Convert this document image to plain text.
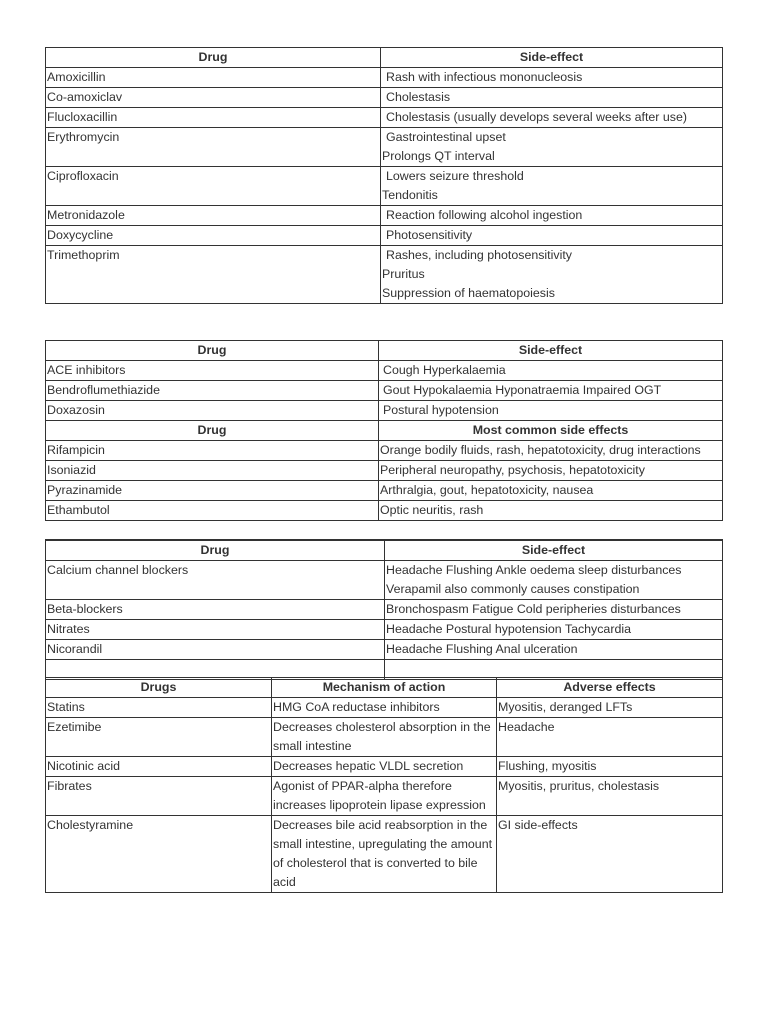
Drug	Side-effect
Amoxicillin	Rash with infectious mononucleosis

Co-amoxiclav	Cholestasis

Flucloxacillin	Cholestasis (usually develops several weeks after use)

Erythromycin	Gastrointestinal upset
Prolongs QT interval

Ciprofloxacin	Lowers seizure threshold
Tendonitis

Metronidazole	Reaction following alcohol ingestion

Doxycycline	Photosensitivity

Trimethoprim	Rashes, including photosensitivity
Pruritus
Suppression of haematopoiesis
Drug	Side-effect
ACE inhibitors	Cough Hyperkalaemia
Bendroflumethiazide	Gout Hypokalaemia Hyponatraemia Impaired OGT
Doxazosin	Postural hypotension
Drug	Most common side effects
Rifampicin	Orange bodily fluids, rash, hepatotoxicity, drug interactions
Isoniazid	Peripheral neuropathy, psychosis, hepatotoxicity
Pyrazinamide	Arthralgia, gout, hepatotoxicity, nausea
Ethambutol	Optic neuritis, rash
Drug	Side-effect
Calcium channel blockers	Headache Flushing Ankle oedema sleep disturbances Verapamil also commonly causes constipation
Beta-blockers	Bronchospasm Fatigue Cold peripheries disturbances
Nitrates	Headache Postural hypotension Tachycardia
Nicorandil	Headache Flushing Anal ulceration

Drugs	Mechanism of action	Adverse effects
Statins	HMG CoA reductase inhibitors	Myositis, deranged LFTs
Ezetimibe	Decreases cholesterol absorption in the small intestine	Headache
Nicotinic acid	Decreases hepatic VLDL secretion	Flushing, myositis
Fibrates	Agonist of PPAR-alpha therefore increases lipoprotein lipase expression	Myositis, pruritus, cholestasis
Cholestyramine	Decreases bile acid reabsorption in the small intestine, upregulating the amount of cholesterol that is converted to bile acid	GI side-effects
